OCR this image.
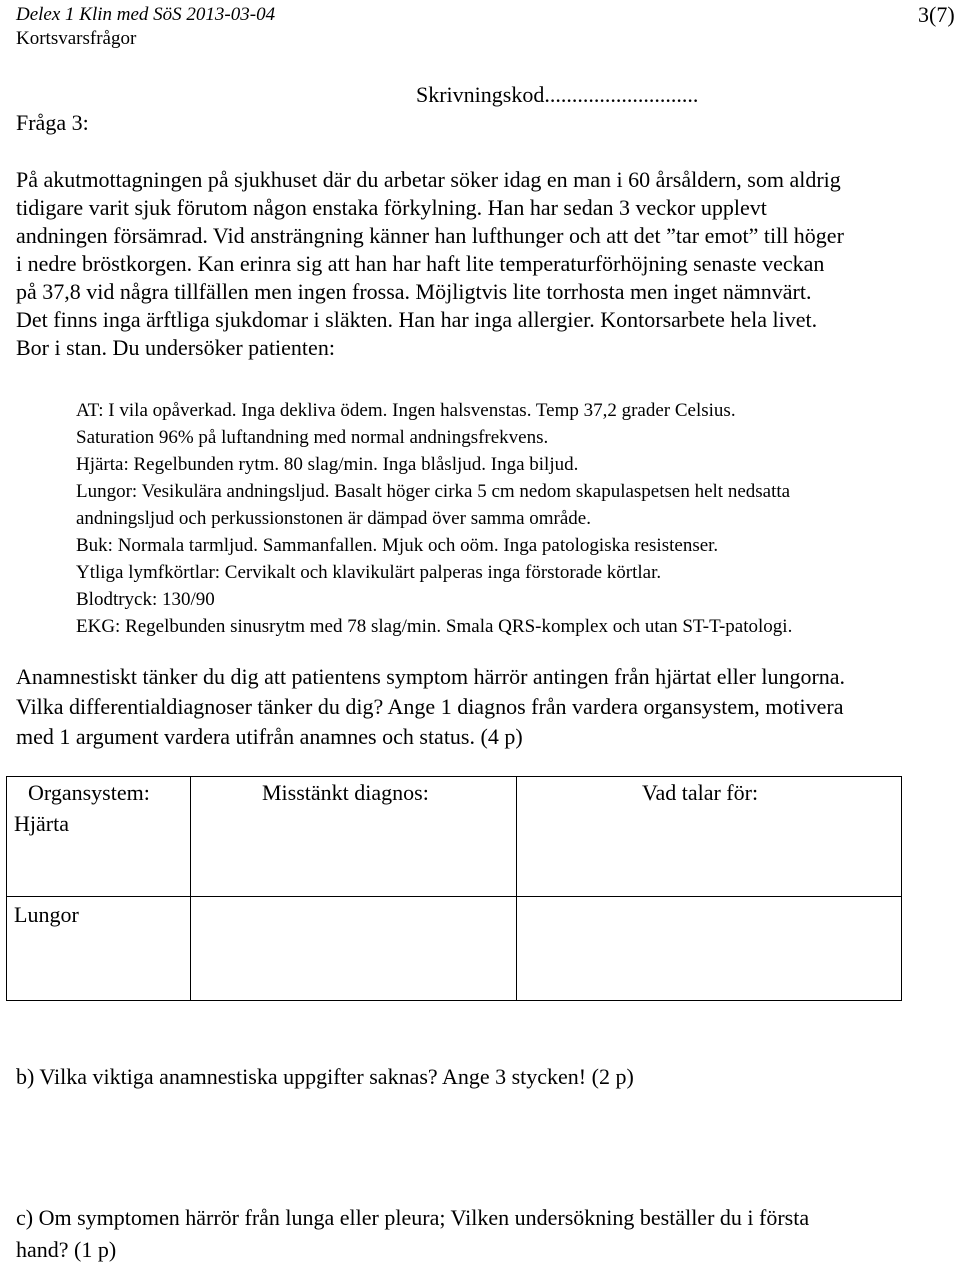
Delex 1 Klin med SöS 2013-03-04
Kortsvarsfrågor
3(7)
Skrivningskod............................
Fråga 3:
På akutmottagningen på sjukhuset där du arbetar söker idag en man i 60 årsåldern, som aldrig
tidigare varit sjuk förutom någon enstaka förkylning. Han har sedan 3 veckor upplevt
andningen försämrad. Vid ansträngning känner han lufthunger och att det ”tar emot” till höger
i nedre bröstkorgen. Kan erinra sig att han har haft lite temperaturförhöjning senaste veckan
på 37,8 vid några tillfällen men ingen frossa. Möjligtvis lite torrhosta men inget nämnvärt.
Det finns inga ärftliga sjukdomar i släkten. Han har inga allergier. Kontorsarbete hela livet.
Bor i stan. Du undersöker patienten:
AT: I vila opåverkad. Inga dekliva ödem. Ingen halsvenstas. Temp 37,2 grader Celsius.
Saturation 96% på luftandning med normal andningsfrekvens.
Hjärta: Regelbunden rytm. 80 slag/min. Inga blåsljud. Inga biljud.
Lungor: Vesikulära andningsljud. Basalt höger cirka 5 cm nedom skapulaspetsen helt nedsatta
andningsljud och perkussionstonen är dämpad över samma område.
Buk: Normala tarmljud. Sammanfallen. Mjuk och oöm. Inga patologiska resistenser.
Ytliga lymfkörtlar: Cervikalt och klavikulärt palperas inga förstorade körtlar.
Blodtryck: 130/90
EKG: Regelbunden sinusrytm med 78 slag/min. Smala QRS-komplex och utan ST-T-patologi.
Anamnestiskt tänker du dig att patientens symptom härrör antingen från hjärtat eller lungorna.
Vilka differentialdiagnoser tänker du dig? Ange 1 diagnos från vardera organsystem, motivera
med 1 argument vardera utifrån anamnes och status. (4 p)
Organsystem:	Misstänkt diagnos:	Vad talar för:
Hjärta
Lungor
b) Vilka viktiga anamnestiska uppgifter saknas? Ange 3 stycken! (2 p)
c) Om symptomen härrör från lunga eller pleura; Vilken undersökning beställer du i första
hand? (1 p)
